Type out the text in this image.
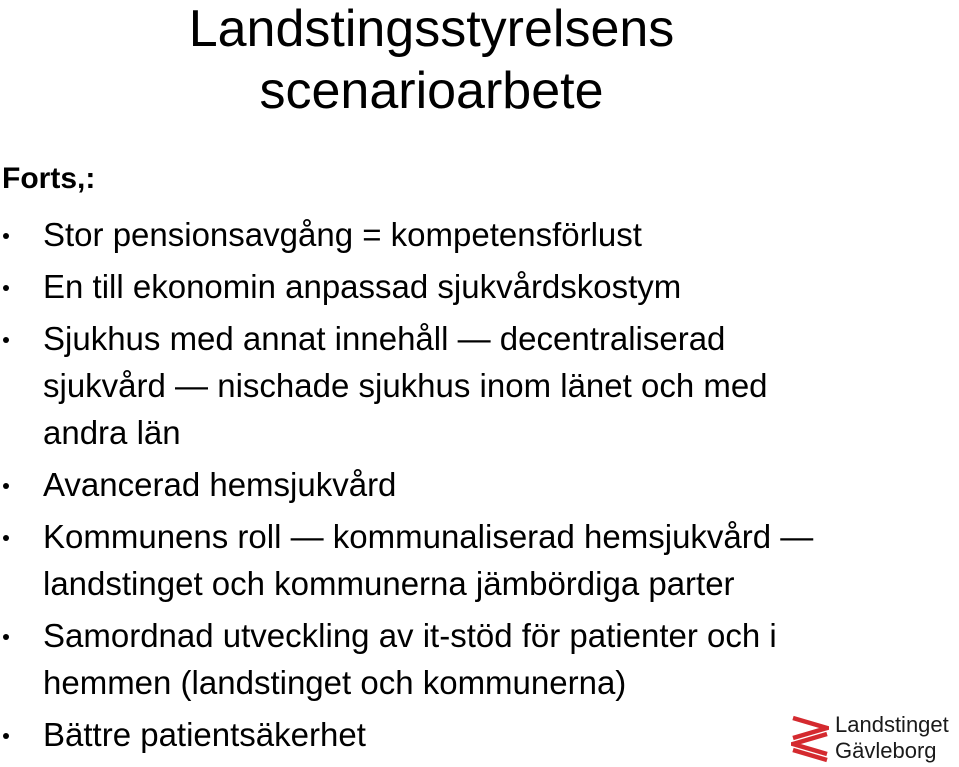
Landstingsstyrelsens
scenarioarbete
Forts,:
Stor pensionsavgång = kompetensförlust
En till ekonomin anpassad sjukvårdskostym
Sjukhus med annat innehåll — decentraliserad
sjukvård — nischade sjukhus inom länet och med
andra län
Avancerad hemsjukvård
Kommunens roll — kommunaliserad hemsjukvård —
landstinget och kommunerna jämbördiga parter
Samordnad utveckling av it-stöd för patienter och i
hemmen (landstinget och kommunerna)
Bättre patientsäkerhet	Landstinget
Gävleborg
